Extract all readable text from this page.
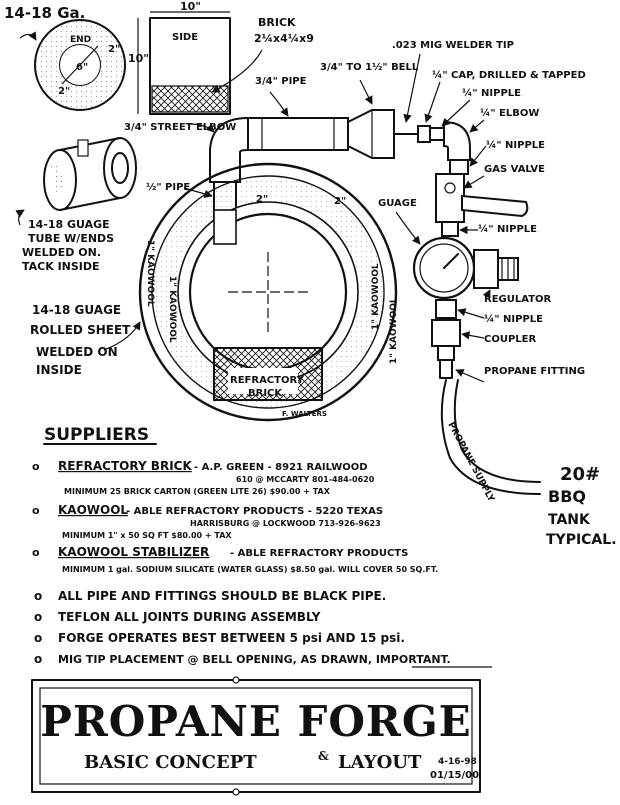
14-18 Ga.
END
2"
6"
2"
10"
SIDE
10"
BRICK
2¼x4¼x9
14-18 GUAGE
TUBE W/ENDS
WELDED ON.
TACK INSIDE
.023 MIG WELDER TIP
3/4" TO 1½" BELL
3/4" PIPE
¼" CAP, DRILLED & TAPPED
¼" NIPPLE
¼" ELBOW
3/4" STREET ELBOW
¼" NIPPLE
GAS VALVE
½" PIPE
GUAGE
¼" NIPPLE
REGULATOR
¼" NIPPLE
COUPLER
PROPANE FITTING
1" KAOWOOL
1" KAOWOOL	1" KAOWOOL
1" KAOWOOL
2"	2"
REFRACTORY
BRICK
F. WALTERS
14-18 GUAGE
ROLLED SHEET
WELDED ON
INSIDE
PROPANE SUPPLY	20#
BBQ
TANK
TYPICAL.
SUPPLIERS
o REFRACTORY BRICK - A.P. GREEN - 8921 RAILWOOD
610 @ MCCARTY 801-484-0620
MINIMUM 25 BRICK CARTON (GREEN LITE 26) $90.00 + TAX
o KAOWOOL
- ABLE REFRACTORY PRODUCTS - 5220 TEXAS
HARRISBURG @ LOCKWOOD 713-926-9623
MINIMUM 1" x 50 SQ FT $80.00 + TAX
o KAOWOOL STABILIZER - ABLE REFRACTORY PRODUCTS
MINIMUM 1 gal. SODIUM SILICATE (WATER GLASS) $8.50 gal. WILL COVER 50 SQ.FT.
o ALL PIPE AND FITTINGS SHOULD BE BLACK PIPE.
o TEFLON ALL JOINTS DURING ASSEMBLY
o FORGE OPERATES BEST BETWEEN 5 psi AND 15 psi.
o MIG TIP PLACEMENT @ BELL OPENING, AS DRAWN, IMPORTANT.
PROPANE FORGE
BASIC CONCEPT	& LAYOUT 4-16-98
01/15/00
